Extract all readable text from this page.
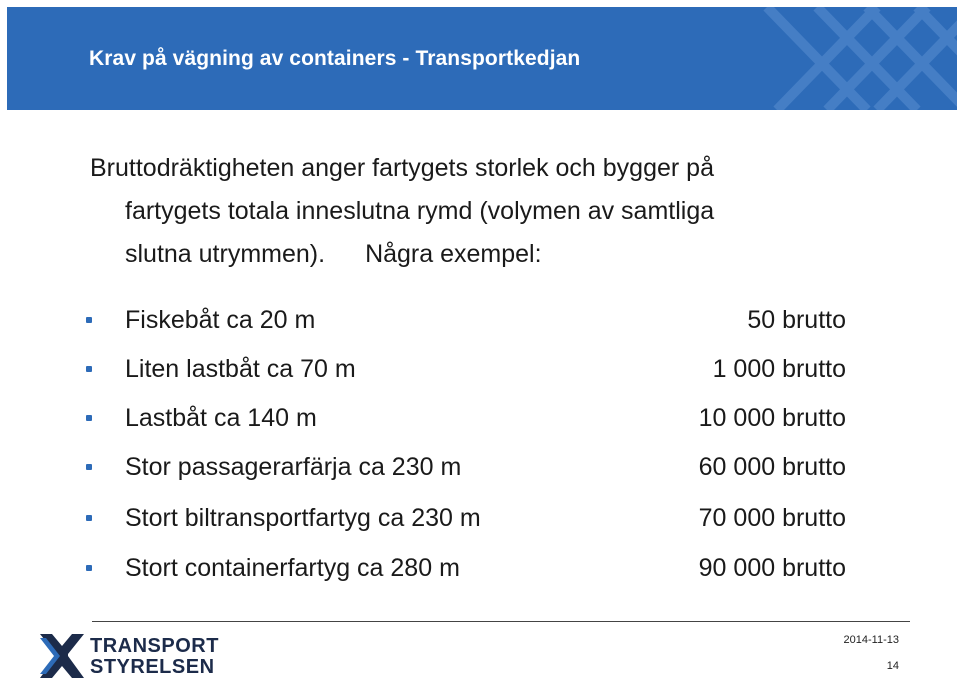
Krav på vägning av containers - Transportkedjan
Bruttodräktigheten anger fartygets storlek och bygger på
fartygets totala inneslutna rymd (volymen av samtliga
slutna utrymmen). Några exempel:
Fiskebåt ca 20 m	50 brutto
Liten lastbåt ca 70 m	1 000 brutto
Lastbåt ca 140 m	10 000 brutto
Stor passagerarfärja ca 230 m	60 000 brutto
Stort biltransportfartyg ca 230 m	70 000 brutto
Stort containerfartyg ca 280 m	90 000 brutto
TRANSPORT
STYRELSEN
2014-11-13
14
